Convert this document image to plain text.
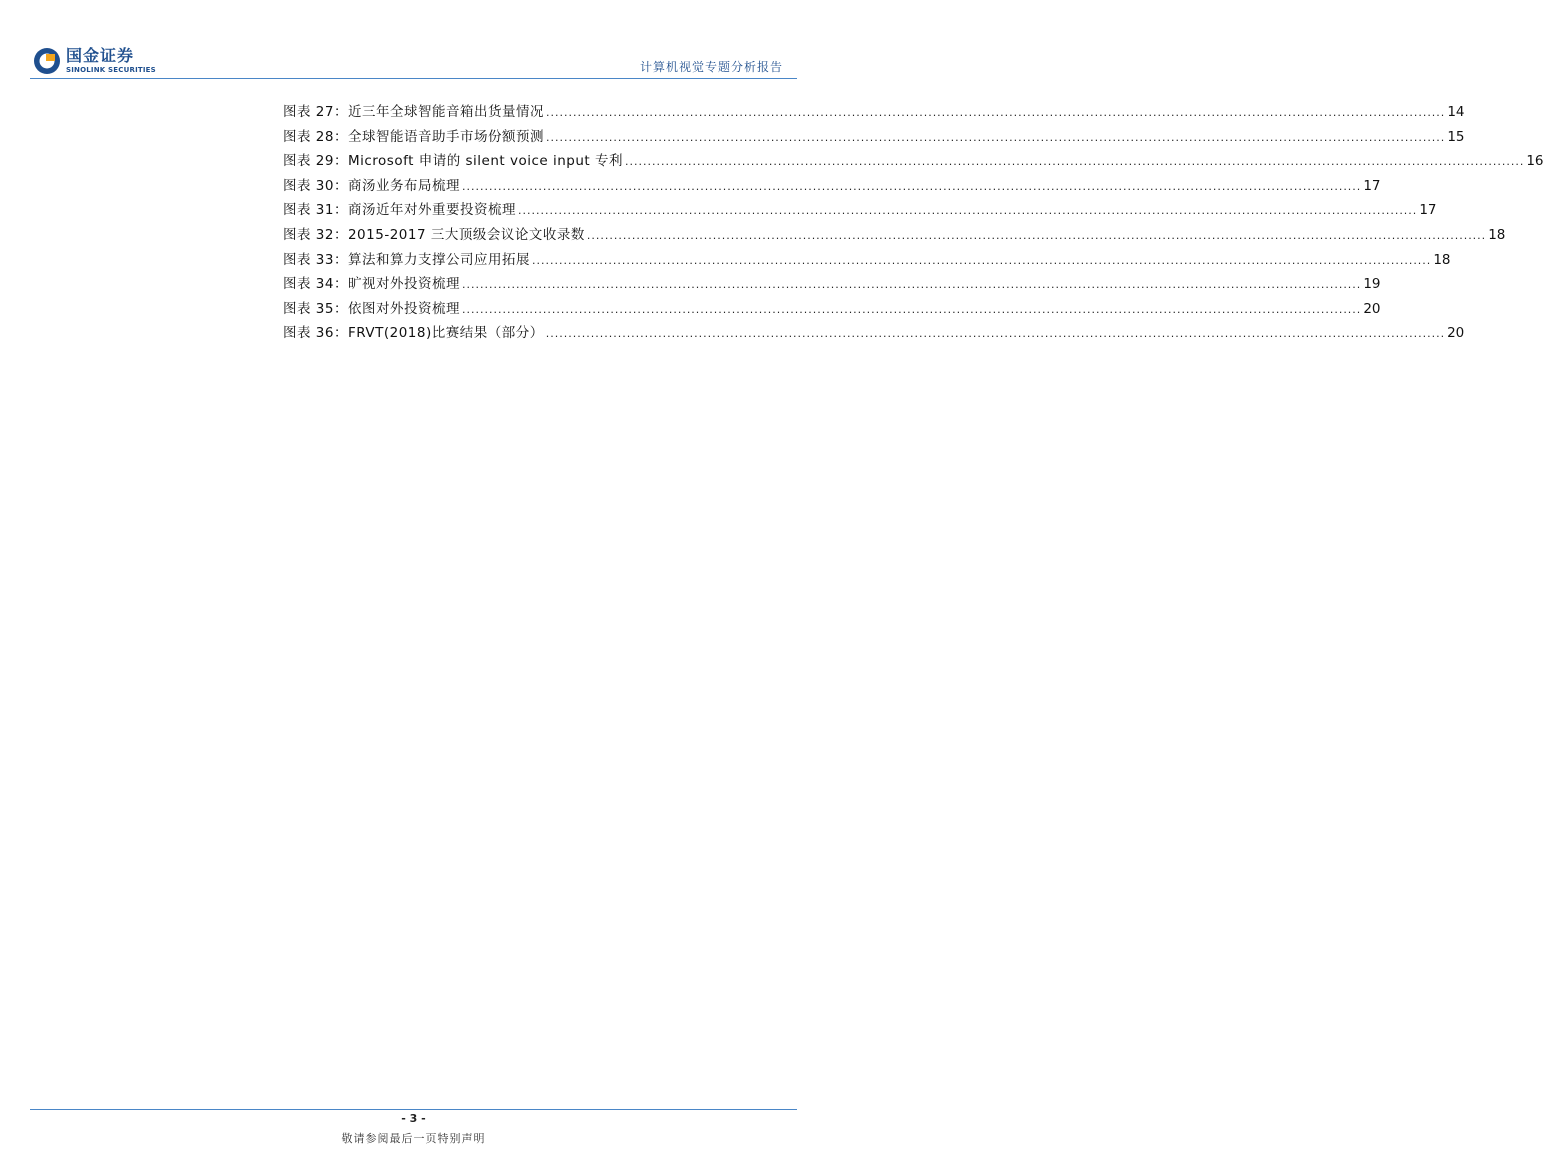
国金证券
SINOLINK SECURITIES	计算机视觉专题分析报告
图表 27：近三年全球智能音箱出货量情况 ........................................................................................................................................................................................................ 14
图表 28：全球智能语音助手市场份额预测 ........................................................................................................................................................................................................ 15
图表 29：Microsoft 申请的 silent voice input 专利 ........................................................................................................................................................................................................ 16
图表 30：商汤业务布局梳理 ........................................................................................................................................................................................................ 17
图表 31：商汤近年对外重要投资梳理 ........................................................................................................................................................................................................ 17
图表 32：2015-2017 三大顶级会议论文收录数 ........................................................................................................................................................................................................ 18
图表 33：算法和算力支撑公司应用拓展 ........................................................................................................................................................................................................ 18
图表 34：旷视对外投资梳理 ........................................................................................................................................................................................................ 19
图表 35：依图对外投资梳理 ........................................................................................................................................................................................................ 20
图表 36：FRVT(2018)比赛结果（部分） ........................................................................................................................................................................................................ 20
- 3 -
敬请参阅最后一页特别声明
